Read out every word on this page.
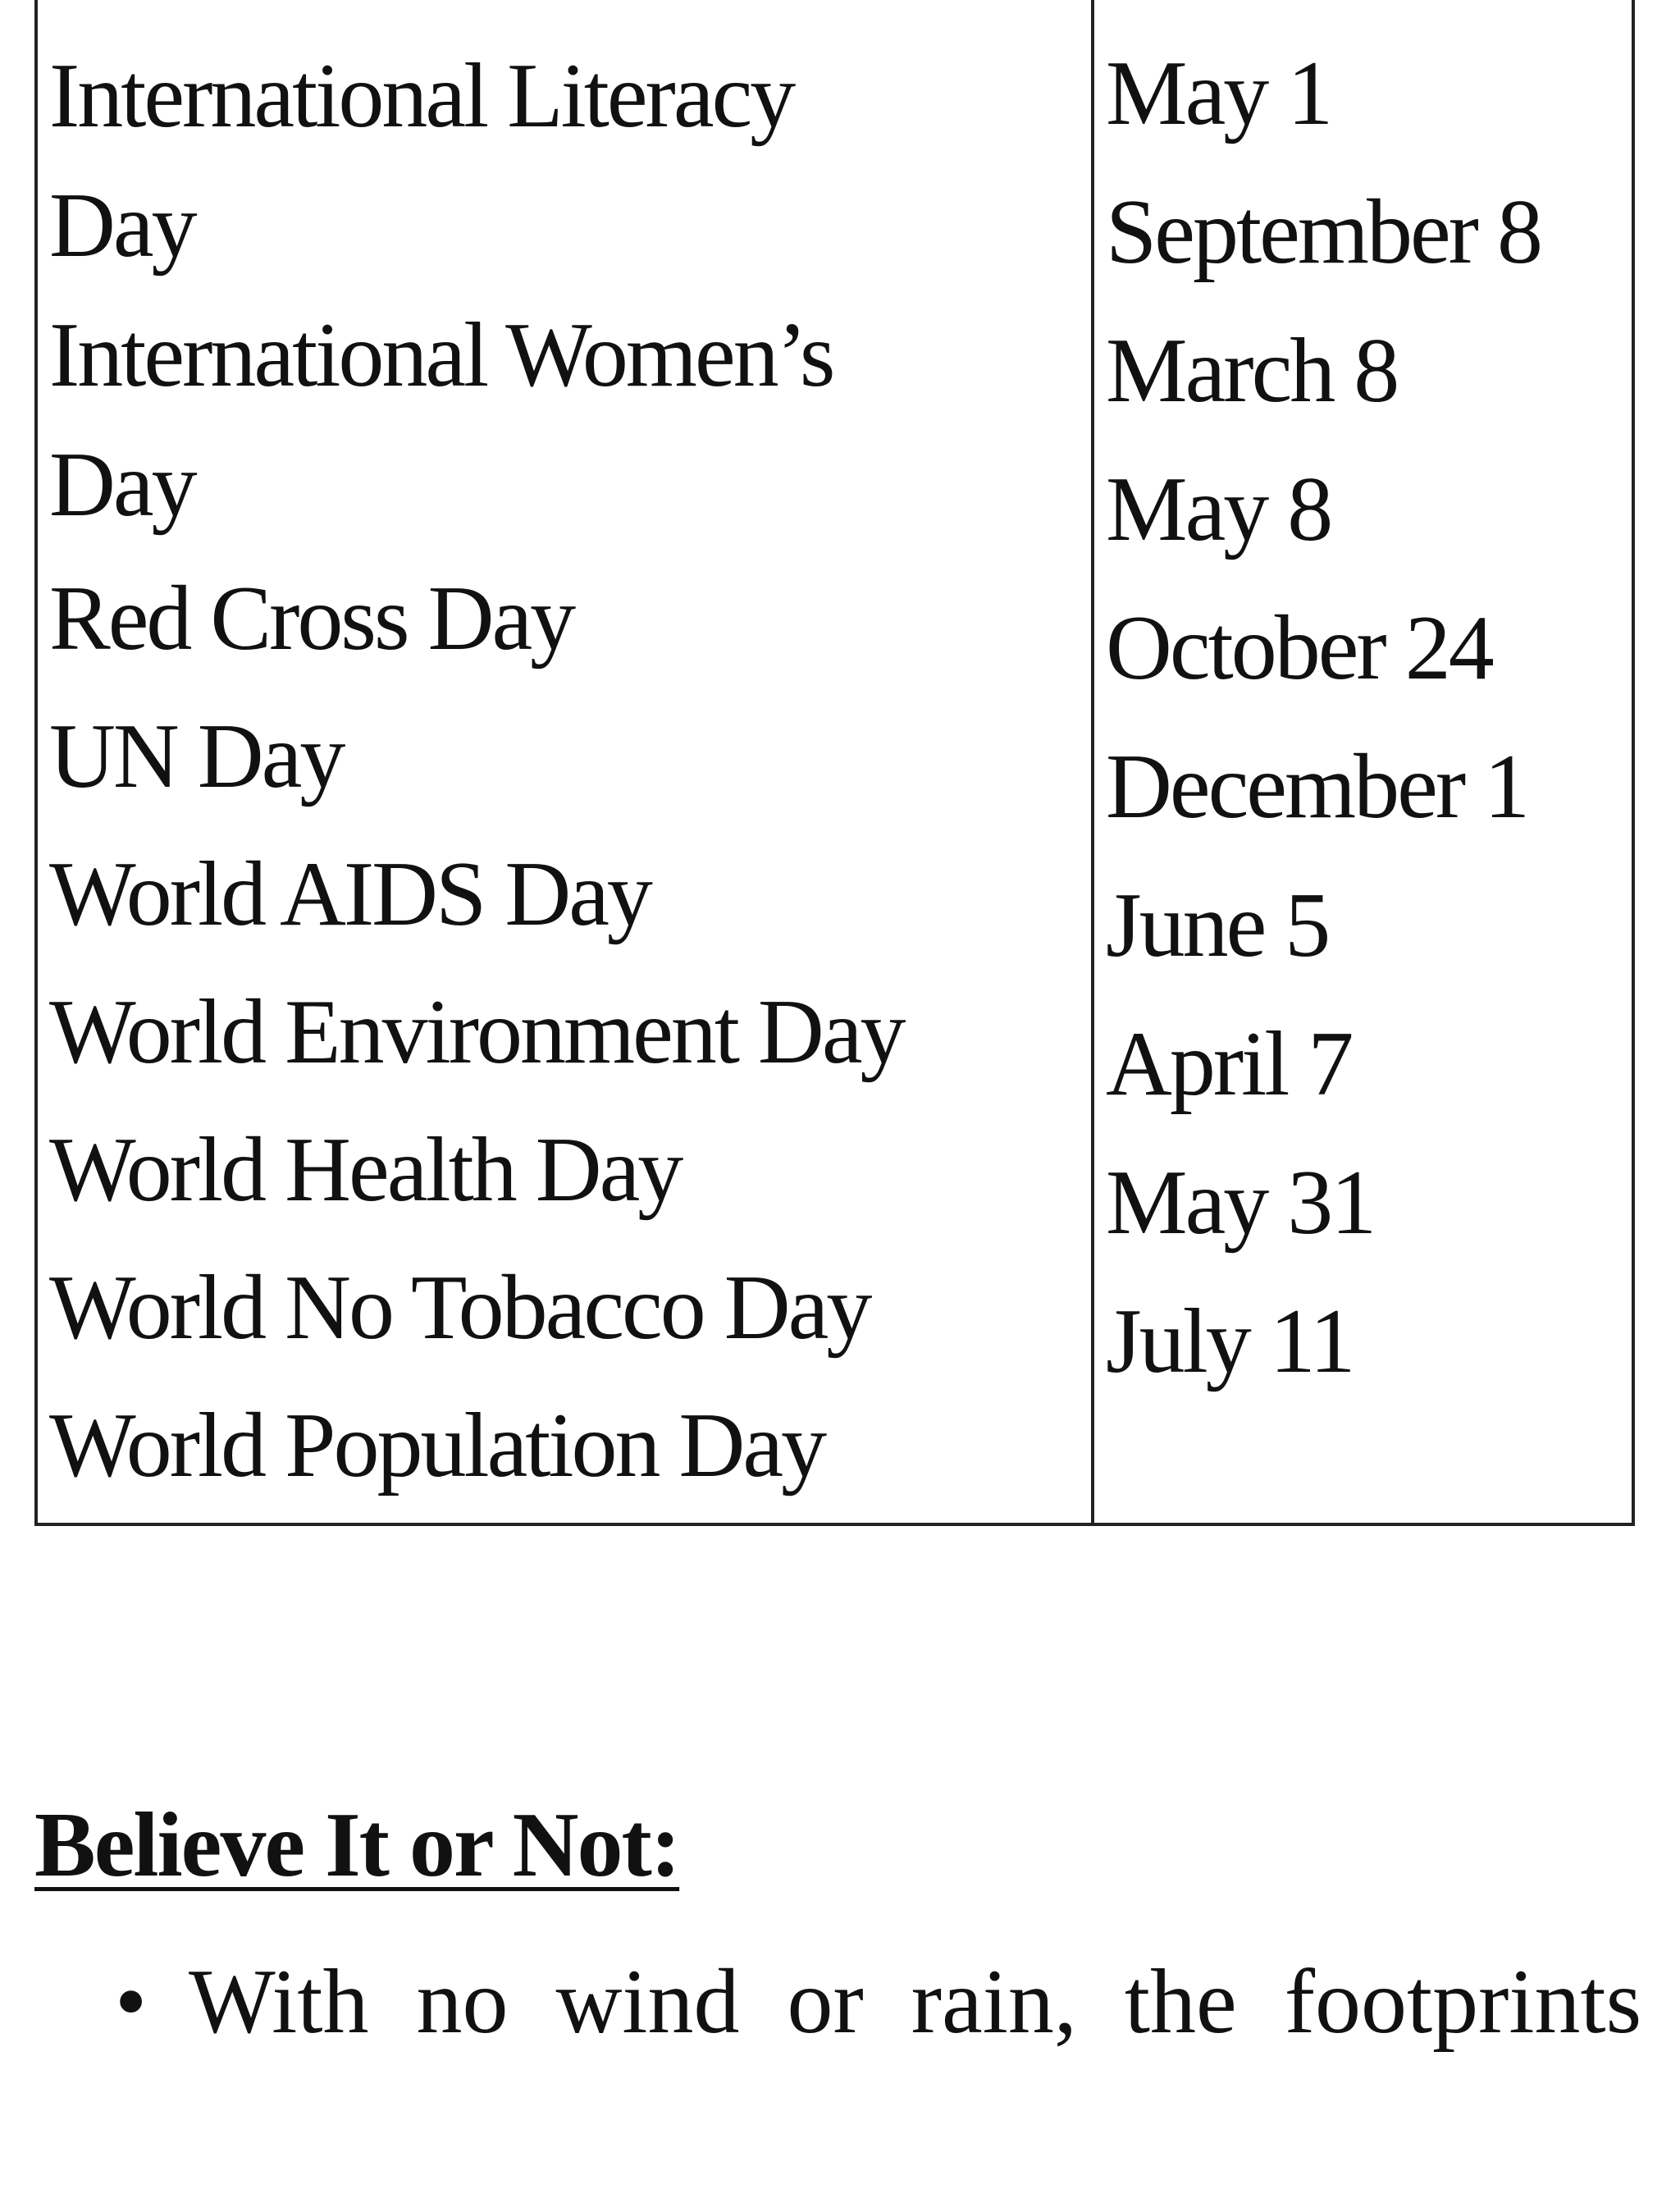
International Literacy Day
International Women’s Day
Red Cross Day
UN Day
World AIDS Day
World Environment Day
World Health Day
World No Tobacco Day
World Population Day
May 1
September 8
March 8
May 8
October 24
December 1
June 5
April 7
May 31
July 11
Believe It or Not:
• With no wind or rain, the footprints
